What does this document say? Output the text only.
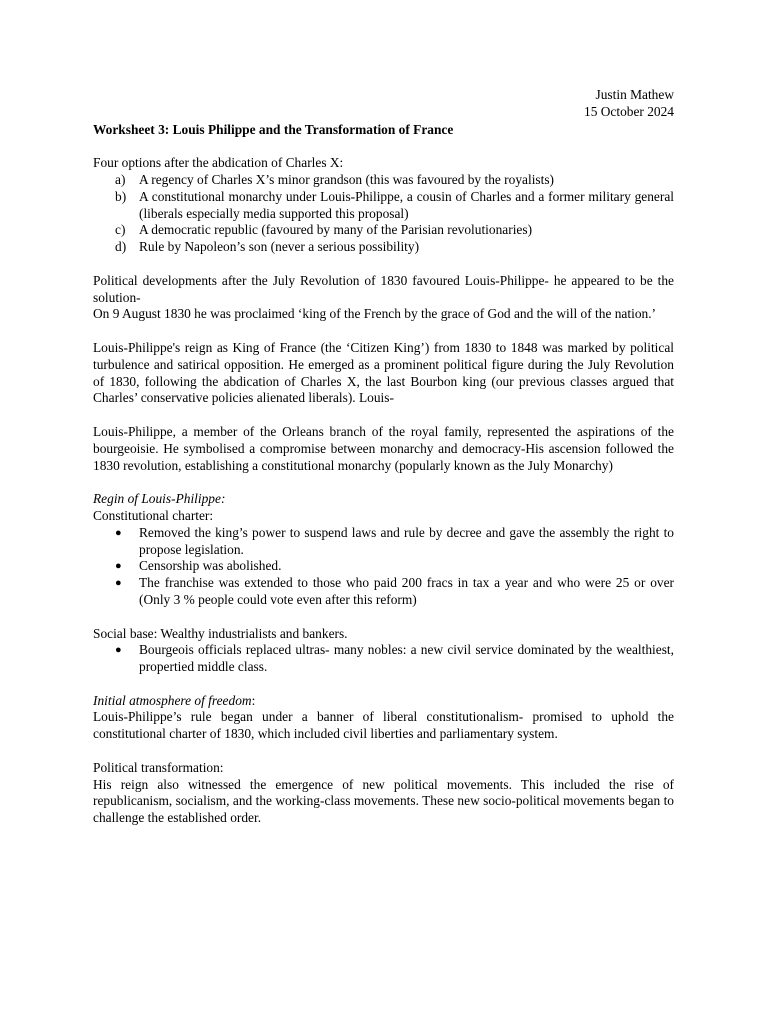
Justin Mathew
15 October 2024
Worksheet 3: Louis Philippe and the Transformation of France

Four options after the abdication of Charles X:

a) A regency of Charles X’s minor grandson (this was favoured by the royalists)
b) A constitutional monarchy under Louis-Philippe, a cousin of Charles and a former military general (liberals especially media supported this proposal)
c) A democratic republic (favoured by many of the Parisian revolutionaries)
d) Rule by Napoleon’s son (never a serious possibility)

Political developments after the July Revolution of 1830 favoured Louis-Philippe- he appeared to be the solution-

On 9 August 1830 he was proclaimed ‘king of the French by the grace of God and the will of the nation.’

Louis-Philippe's reign as King of France (the ‘Citizen King’) from 1830 to 1848 was marked by political turbulence and satirical opposition. He emerged as a prominent political figure during the July Revolution of 1830, following the abdication of Charles X, the last Bourbon king (our previous classes argued that Charles’ conservative policies alienated liberals). Louis-

Louis-Philippe, a member of the Orleans branch of the royal family, represented the aspirations of the bourgeoisie. He symbolised a compromise between monarchy and democracy-His ascension followed the 1830 revolution, establishing a constitutional monarchy (popularly known as the July Monarchy)

Regin of Louis-Philippe:

Constitutional charter:

● Removed the king’s power to suspend laws and rule by decree and gave the assembly the right to propose legislation.
● Censorship was abolished.
● The franchise was extended to those who paid 200 fracs in tax a year and who were 25 or over (Only 3 % people could vote even after this reform)

Social base: Wealthy industrialists and bankers.

● Bourgeois officials replaced ultras- many nobles: a new civil service dominated by the wealthiest, propertied middle class.

Initial atmosphere of freedom:

Louis-Philippe’s rule began under a banner of liberal constitutionalism- promised to uphold the constitutional charter of 1830, which included civil liberties and parliamentary system.

Political transformation:

His reign also witnessed the emergence of new political movements. This included the rise of republicanism, socialism, and the working-class movements. These new socio-political movements began to challenge the established order.
